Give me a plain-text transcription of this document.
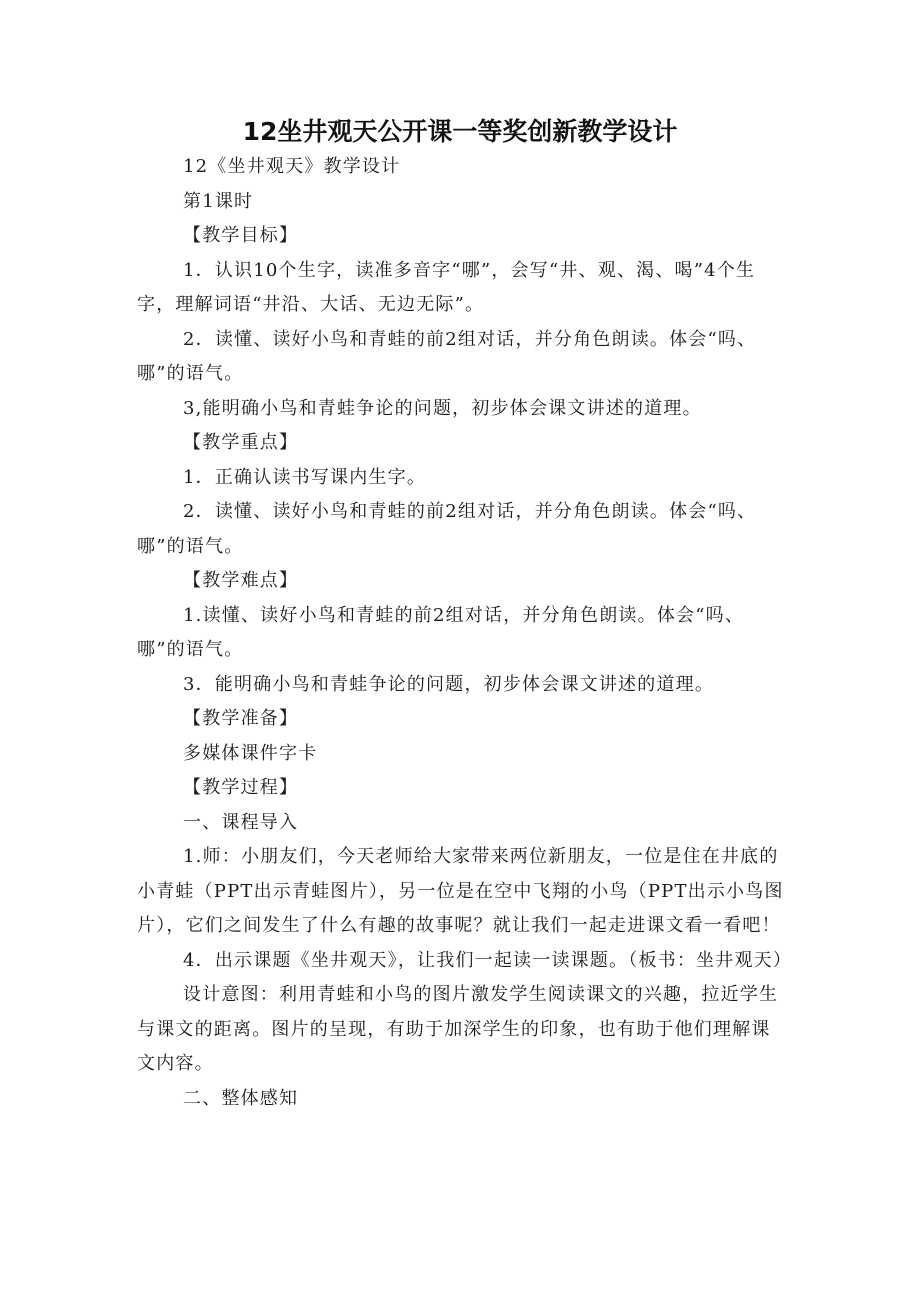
12坐井观天公开课一等奖创新教学设计

12《坐井观天》教学设计

第1课时

【教学目标】

1．认识10个生字，读准多音字“哪”，会写“井、观、渴、喝”4个生字，理解词语“井沿、大话、无边无际”。

2．读懂、读好小鸟和青蛙的前2组对话，并分角色朗读。体会“吗、哪”的语气。

3,能明确小鸟和青蛙争论的问题，初步体会课文讲述的道理。

【教学重点】

1．正确认读书写课内生字。

2．读懂、读好小鸟和青蛙的前2组对话，并分角色朗读。体会“吗、哪”的语气。

【教学难点】

1.读懂、读好小鸟和青蛙的前2组对话，并分角色朗读。体会“吗、哪”的语气。

3．能明确小鸟和青蛙争论的问题，初步体会课文讲述的道理。

【教学准备】

多媒体课件字卡

【教学过程】

一、课程导入

1.师：小朋友们，今天老师给大家带来两位新朋友，一位是住在井底的小青蛙（PPT出示青蛙图片），另一位是在空中飞翔的小鸟（PPT出示小鸟图片），它们之间发生了什么有趣的故事呢？就让我们一起走进课文看一看吧！

4．出示课题《坐井观天》，让我们一起读一读课题。（板书：坐井观天）

设计意图：利用青蛙和小鸟的图片激发学生阅读课文的兴趣，拉近学生与课文的距离。图片的呈现，有助于加深学生的印象，也有助于他们理解课文内容。

二、整体感知
